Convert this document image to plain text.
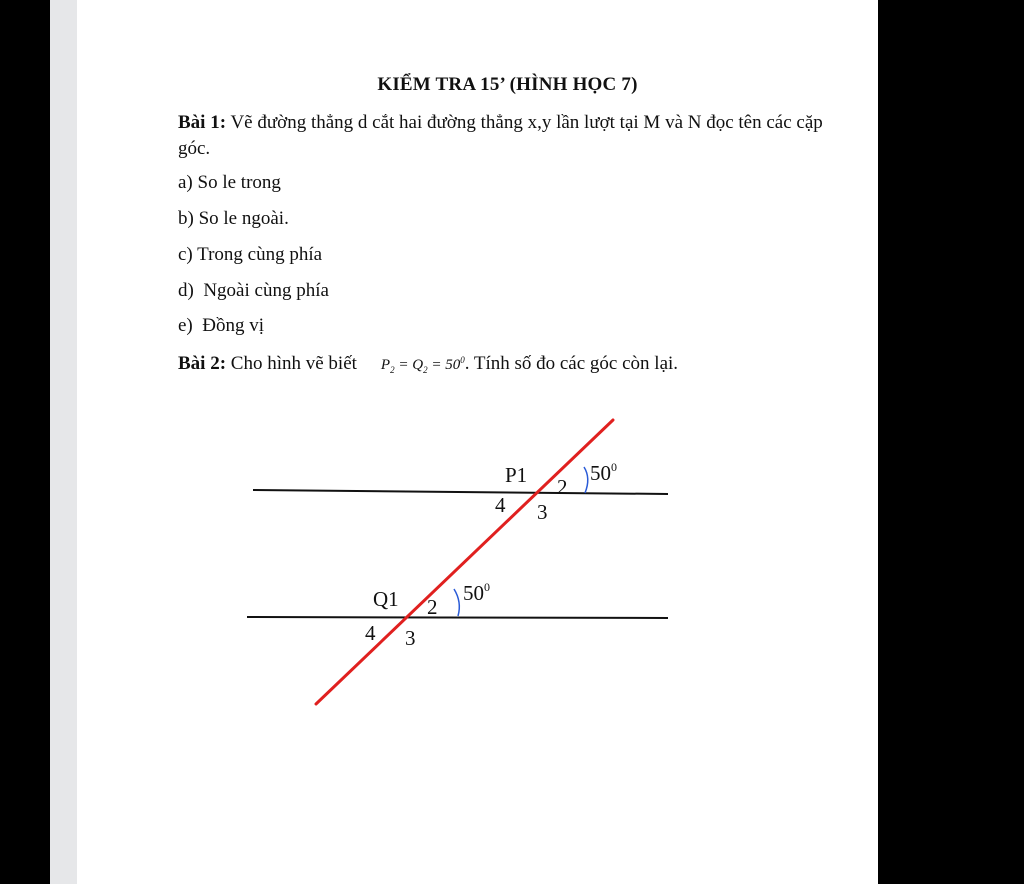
KIỂM TRA 15’ (HÌNH HỌC 7)
Bài 1: Vẽ đường thẳng d cắt hai đường thẳng x,y lần lượt tại M và N đọc tên các cặp góc.
a) So le trong
b) So le ngoài.
c) Trong cùng phía
d)  Ngoài cùng phía
e)  Đồng vị
Bài 2: Cho hình vẽ biết $P_2 = Q_2 = 50^0$. Tính số đo các góc còn lại.
P1 2
3
4
$50^0$
Q1 2
3
4
$50^0$
